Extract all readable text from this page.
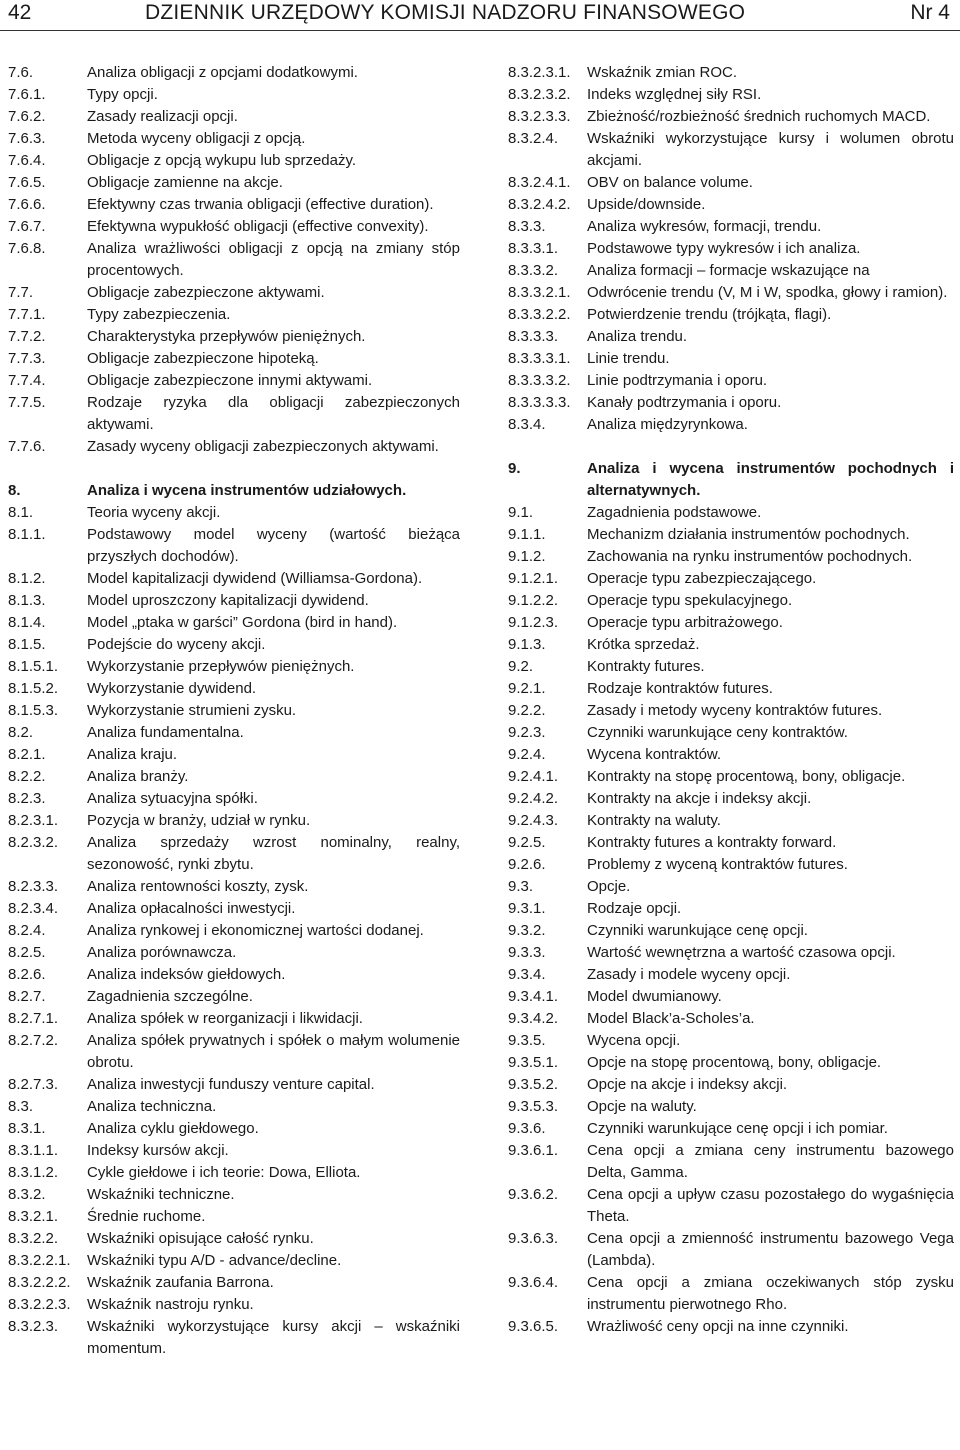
42	DZIENNIK URZĘDOWY KOMISJI NADZORU FINANSOWEGO	Nr 4
7.6.	Analiza obligacji z opcjami dodatkowymi.
7.6.1.	Typy opcji.
7.6.2.	Zasady realizacji opcji.
7.6.3.	Metoda wyceny obligacji z opcją.
7.6.4.	Obligacje z opcją wykupu lub sprzedaży.
7.6.5.	Obligacje zamienne na akcje.
7.6.6.	Efektywny czas trwania obligacji (effective duration).
7.6.7.	Efektywna wypukłość obligacji (effective convexity).
7.6.8.	Analiza wrażliwości obligacji z opcją na zmiany stóp procentowych.
7.7.	Obligacje zabezpieczone aktywami.
7.7.1.	Typy zabezpieczenia.
7.7.2.	Charakterystyka przepływów pieniężnych.
7.7.3.	Obligacje zabezpieczone hipoteką.
7.7.4.	Obligacje zabezpieczone innymi aktywami.
7.7.5.	Rodzaje ryzyka dla obligacji zabezpieczonych aktywami.
7.7.6.	Zasady wyceny obligacji zabezpieczonych aktywami.
8.	Analiza i wycena instrumentów udziałowych.
8.1.	Teoria wyceny akcji.
8.1.1.	Podstawowy model wyceny (wartość bieżąca przyszłych dochodów).
8.1.2.	Model kapitalizacji dywidend (Williamsa-Gordona).
8.1.3.	Model uproszczony kapitalizacji dywidend.
8.1.4.	Model „ptaka w garści” Gordona (bird in hand).
8.1.5.	Podejście do wyceny akcji.
8.1.5.1.	Wykorzystanie przepływów pieniężnych.
8.1.5.2.	Wykorzystanie dywidend.
8.1.5.3.	Wykorzystanie strumieni zysku.
8.2.	Analiza fundamentalna.
8.2.1.	Analiza kraju.
8.2.2.	Analiza branży.
8.2.3.	Analiza sytuacyjna spółki.
8.2.3.1.	Pozycja w branży, udział w rynku.
8.2.3.2.	Analiza sprzedaży wzrost nominalny, realny, sezonowość, rynki zbytu.
8.2.3.3.	Analiza rentowności koszty, zysk.
8.2.3.4.	Analiza opłacalności inwestycji.
8.2.4.	Analiza rynkowej i ekonomicznej wartości dodanej.
8.2.5.	Analiza porównawcza.
8.2.6.	Analiza indeksów giełdowych.
8.2.7.	Zagadnienia szczególne.
8.2.7.1.	Analiza spółek w reorganizacji i likwidacji.
8.2.7.2.	Analiza spółek prywatnych i spółek o małym wolumenie obrotu.
8.2.7.3.	Analiza inwestycji funduszy venture capital.
8.3.	Analiza techniczna.
8.3.1.	Analiza cyklu giełdowego.
8.3.1.1.	Indeksy kursów akcji.
8.3.1.2.	Cykle giełdowe i ich teorie: Dowa, Elliota.
8.3.2.	Wskaźniki techniczne.
8.3.2.1.	Średnie ruchome.
8.3.2.2.	Wskaźniki opisujące całość rynku.
8.3.2.2.1.	Wskaźniki typu A/D - advance/decline.
8.3.2.2.2.	Wskaźnik zaufania Barrona.
8.3.2.2.3.	Wskaźnik nastroju rynku.
8.3.2.3.	Wskaźniki wykorzystujące kursy akcji – wskaźniki momentum.
8.3.2.3.1.	Wskaźnik zmian ROC.
8.3.2.3.2.	Indeks względnej siły RSI.
8.3.2.3.3.	Zbieżność/rozbieżność średnich ruchomych MACD.
8.3.2.4.	Wskaźniki wykorzystujące kursy i wolumen obrotu akcjami.
8.3.2.4.1.	OBV on balance volume.
8.3.2.4.2.	Upside/downside.
8.3.3.	Analiza wykresów, formacji, trendu.
8.3.3.1.	Podstawowe typy wykresów i ich analiza.
8.3.3.2.	Analiza formacji – formacje wskazujące na
8.3.3.2.1.	Odwrócenie trendu (V, M i W, spodka, głowy i ramion).
8.3.3.2.2.	Potwierdzenie trendu (trójkąta, flagi).
8.3.3.3.	Analiza trendu.
8.3.3.3.1.	Linie trendu.
8.3.3.3.2.	Linie podtrzymania i oporu.
8.3.3.3.3.	Kanały podtrzymania i oporu.
8.3.4.	Analiza międzyrynkowa.
9.	Analiza i wycena instrumentów pochodnych i alternatywnych.
9.1.	Zagadnienia podstawowe.
9.1.1.	Mechanizm działania instrumentów pochodnych.
9.1.2.	Zachowania na rynku instrumentów pochodnych.
9.1.2.1.	Operacje typu zabezpieczającego.
9.1.2.2.	Operacje typu spekulacyjnego.
9.1.2.3.	Operacje typu arbitrażowego.
9.1.3.	Krótka sprzedaż.
9.2.	Kontrakty futures.
9.2.1.	Rodzaje kontraktów futures.
9.2.2.	Zasady i metody wyceny kontraktów futures.
9.2.3.	Czynniki warunkujące ceny kontraktów.
9.2.4.	Wycena kontraktów.
9.2.4.1.	Kontrakty na stopę procentową, bony, obligacje.
9.2.4.2.	Kontrakty na akcje i indeksy akcji.
9.2.4.3.	Kontrakty na waluty.
9.2.5.	Kontrakty futures a kontrakty forward.
9.2.6.	Problemy z wyceną kontraktów futures.
9.3.	Opcje.
9.3.1.	Rodzaje opcji.
9.3.2.	Czynniki warunkujące cenę opcji.
9.3.3.	Wartość wewnętrzna a wartość czasowa opcji.
9.3.4.	Zasady i modele wyceny opcji.
9.3.4.1.	Model dwumianowy.
9.3.4.2.	Model Black’a-Scholes’a.
9.3.5.	Wycena opcji.
9.3.5.1.	Opcje na stopę procentową, bony, obligacje.
9.3.5.2.	Opcje na akcje i indeksy akcji.
9.3.5.3.	Opcje na waluty.
9.3.6.	Czynniki warunkujące cenę opcji i ich pomiar.
9.3.6.1.	Cena opcji a zmiana ceny instrumentu bazowego Delta, Gamma.
9.3.6.2.	Cena opcji a upływ czasu pozostałego do wygaśnięcia Theta.
9.3.6.3.	Cena opcji a zmienność instrumentu bazowego Vega (Lambda).
9.3.6.4.	Cena opcji a zmiana oczekiwanych stóp zysku instrumentu pierwotnego Rho.
9.3.6.5.	Wrażliwość ceny opcji na inne czynniki.
